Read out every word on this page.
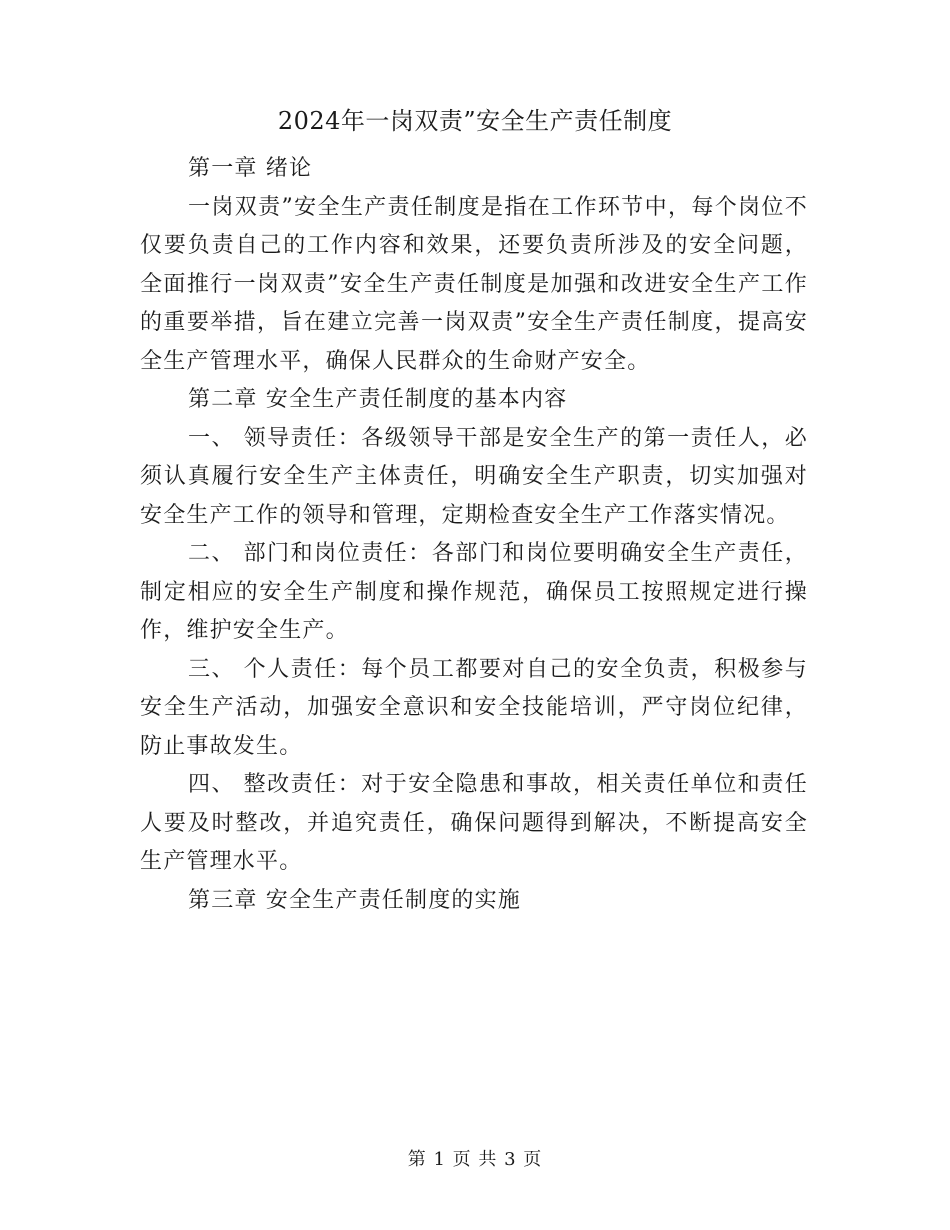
2024年一岗双责”安全生产责任制度

第一章 绪论

一岗双责”安全生产责任制度是指在工作环节中，每个岗位不仅要负责自己的工作内容和效果，还要负责所涉及的安全问题，全面推行一岗双责”安全生产责任制度是加强和改进安全生产工作的重要举措，旨在建立完善一岗双责”安全生产责任制度，提高安全生产管理水平，确保人民群众的生命财产安全。

第二章 安全生产责任制度的基本内容

一、 领导责任：各级领导干部是安全生产的第一责任人，必须认真履行安全生产主体责任，明确安全生产职责，切实加强对安全生产工作的领导和管理，定期检查安全生产工作落实情况。

二、 部门和岗位责任：各部门和岗位要明确安全生产责任，制定相应的安全生产制度和操作规范，确保员工按照规定进行操作，维护安全生产。

三、 个人责任：每个员工都要对自己的安全负责，积极参与安全生产活动，加强安全意识和安全技能培训，严守岗位纪律，防止事故发生。

四、 整改责任：对于安全隐患和事故，相关责任单位和责任人要及时整改，并追究责任，确保问题得到解决，不断提高安全生产管理水平。

第三章 安全生产责任制度的实施

第 1 页 共 3 页
